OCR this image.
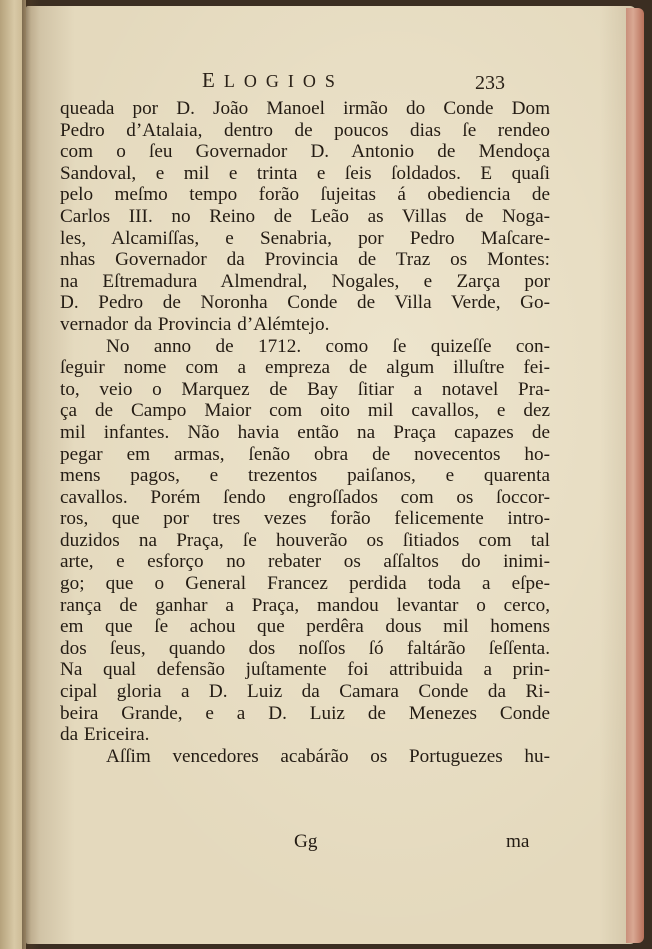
ELOGIOS	233
queada por D. João Manoel irmão do Conde Dom
Pedro d’Atalaia, dentro de poucos dias ſe rendeo
com o ſeu Governador D. Antonio de Mendoça
Sandoval, e mil e trinta e ſeis ſoldados. E quaſi
pelo meſmo tempo forão ſujeitas á obediencia de
Carlos III. no Reino de Leão as Villas de Noga-
les, Alcamiſſas, e Senabria, por Pedro Maſcare-
nhas Governador da Provincia de Traz os Montes:
na Eſtremadura Almendral, Nogales, e Zarça por
D. Pedro de Noronha Conde de Villa Verde, Go-
vernador da Provincia d’Alémtejo.
No anno de 1712. como ſe quizeſſe con-
ſeguir nome com a empreza de algum illuſtre fei-
to, veio o Marquez de Bay ſitiar a notavel Pra-
ça de Campo Maior com oito mil cavallos, e dez
mil infantes. Não havia então na Praça capazes de
pegar em armas, ſenão obra de novecentos ho-
mens pagos, e trezentos paiſanos, e quarenta
cavallos. Porém ſendo engroſſados com os ſoccor-
ros, que por tres vezes forão felicemente intro-
duzidos na Praça, ſe houverão os ſitiados com tal
arte, e esforço no rebater os aſſaltos do inimi-
go; que o General Francez perdida toda a eſpe-
rança de ganhar a Praça, mandou levantar o cerco,
em que ſe achou que perdêra dous mil homens
dos ſeus, quando dos noſſos ſó faltárão ſeſſenta.
Na qual defensão juſtamente foi attribuida a prin-
cipal gloria a D. Luiz da Camara Conde da Ri-
beira Grande, e a D. Luiz de Menezes Conde
da Ericeira.
Aſſim vencedores acabárão os Portuguezes hu-
Gg	ma
